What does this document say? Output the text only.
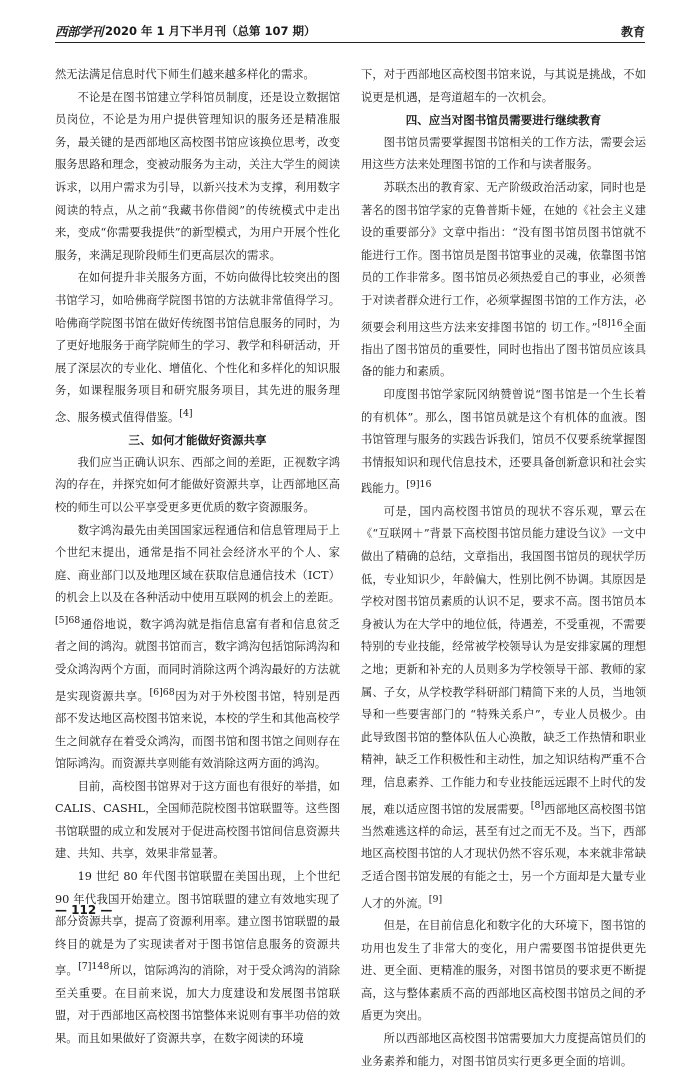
西部学刊 2020 年 1 月下半月刊（总第 107 期）	教育

然无法满足信息时代下师生们越来越多样化的需求。

不论是在图书馆建立学科馆员制度，还是设立数据馆员岗位，不论是为用户提供管理知识的服务还是精准服务，最关键的是西部地区高校图书馆应该换位思考，改变服务思路和理念，变被动服务为主动，关注大学生的阅读诉求，以用户需求为引导，以新兴技术为支撑，利用数字阅读的特点，从之前“我藏书你借阅”的传统模式中走出来，变成“你需要我提供”的新型模式，为用户开展个性化服务，来满足现阶段师生们更高层次的需求。

在如何提升非关服务方面，不妨向做得比较突出的图书馆学习，如哈佛商学院图书馆的方法就非常值得学习。哈佛商学院图书馆在做好传统图书馆信息服务的同时，为了更好地服务于商学院师生的学习、教学和科研活动，开展了深层次的专业化、增值化、个性化和多样化的知识服务，如课程服务项目和研究服务项目，其先进的服务理念、服务模式值得借鉴。[4]

三、如何才能做好资源共享

我们应当正确认识东、西部之间的差距，正视数字鸿沟的存在，并探究如何才能做好资源共享，让西部地区高校的师生可以公平享受更多更优质的数字资源服务。

数字鸿沟最先由美国国家远程通信和信息管理局于上个世纪末提出，通常是指不同社会经济水平的个人、家庭、商业部门以及地理区域在获取信息通信技术（ICT）的机会上以及在各种活动中使用互联网的机会上的差距。$^{[5]68}$通俗地说，数字鸿沟就是指信息富有者和信息贫乏者之间的鸿沟。就图书馆而言，数字鸿沟包括馆际鸿沟和受众鸿沟两个方面，而同时消除这两个鸿沟最好的方法就是实现资源共享。$^{[6]68}$因为对于外校图书馆，特别是西部不发达地区高校图书馆来说，本校的学生和其他高校学生之间就存在着受众鸿沟，而图书馆和图书馆之间则存在馆际鸿沟。而资源共享则能有效消除这两方面的鸿沟。

目前，高校图书馆界对于这方面也有很好的举措，如CALIS、CASHL，全国师范院校图书馆联盟等。这些图书馆联盟的成立和发展对于促进高校图书馆间信息资源共建、共知、共享，效果非常显著。

19 世纪 80 年代图书馆联盟在美国出现，上个世纪 90 年代我国开始建立。图书馆联盟的建立有效地实现了部分资源共享，提高了资源利用率。建立图书馆联盟的最终目的就是为了实现读者对于图书馆信息服务的资源共享。$^{[7]148}$所以，馆际鸿沟的消除，对于受众鸿沟的消除至关重要。在目前来说，加大力度建设和发展图书馆联盟，对于西部地区高校图书馆整体来说则有事半功倍的效果。而且如果做好了资源共享，在数字阅读的环境

下，对于西部地区高校图书馆来说，与其说是挑战，不如说更是机遇，是弯道超车的一次机会。

四、应当对图书馆员需要进行继续教育

图书馆员需要掌握图书馆相关的工作方法，需要会运用这些方法来处理图书馆的工作和与读者服务。

苏联杰出的教育家、无产阶级政治活动家，同时也是著名的图书馆学家的克鲁普斯卡娅，在她的《社会主义建设的重要部分》文章中指出：“没有图书馆员图书馆就不能进行工作。图书馆员是图书馆事业的灵魂，依靠图书馆员的工作非常多。图书馆员必须热爱自己的事业，必须善于对读者群众进行工作，必须掌握图书馆的工作方法，必须要会利用这些方法来安排图书馆的 切工作。”$^{[8]16}$全面指出了图书馆员的重要性，同时也指出了图书馆员应该具备的能力和素质。

印度图书馆学家阮冈纳赞曾说“图书馆是一个生长着的有机体”。那么，图书馆员就是这个有机体的血液。图书馆管理与服务的实践告诉我们，馆员不仅要系统掌握图书情报知识和现代信息技术，还要具备创新意识和社会实践能力。$^{[9]16}$

可是，国内高校图书馆员的现状不容乐观，覃云在《“互联网＋”背景下高校图书馆员能力建设刍议》一文中做出了精确的总结，文章指出，我国图书馆员的现状学历低，专业知识少，年龄偏大，性别比例不协调。其原因是学校对图书馆员素质的认识不足，要求不高。图书馆员本身被认为在大学中的地位低，待遇差，不受重视，不需要特别的专业技能，经常被学校领导认为是安排家属的理想之地；更新和补充的人员则多为学校领导干部、教师的家属、子女，从学校教学科研部门精简下来的人员，当地领导和一些要害部门的 “特殊关系户”，专业人员极少。由此导致图书馆的整体队伍人心涣散，缺乏工作热情和职业精神，缺乏工作积极性和主动性，加之知识结构严重不合理，信息素养、工作能力和专业技能远远跟不上时代的发展，难以适应图书馆的发展需要。[8]西部地区高校图书馆当然难逃这样的命运，甚至有过之而无不及。当下，西部地区高校图书馆的人才现状仍然不容乐观，本来就非常缺乏适合图书馆发展的有能之士，另一个方面却是大量专业人才的外流。[9]

但是，在目前信息化和数字化的大环境下，图书馆的功用也发生了非常大的变化，用户需要图书馆提供更先进、更全面、更精准的服务，对图书馆员的要求更不断提高，这与整体素质不高的西部地区高校图书馆员之间的矛盾更为突出。

所以西部地区高校图书馆需要加大力度提高馆员们的业务素养和能力，对图书馆员实行更多更全面的培训。

— 112 —
